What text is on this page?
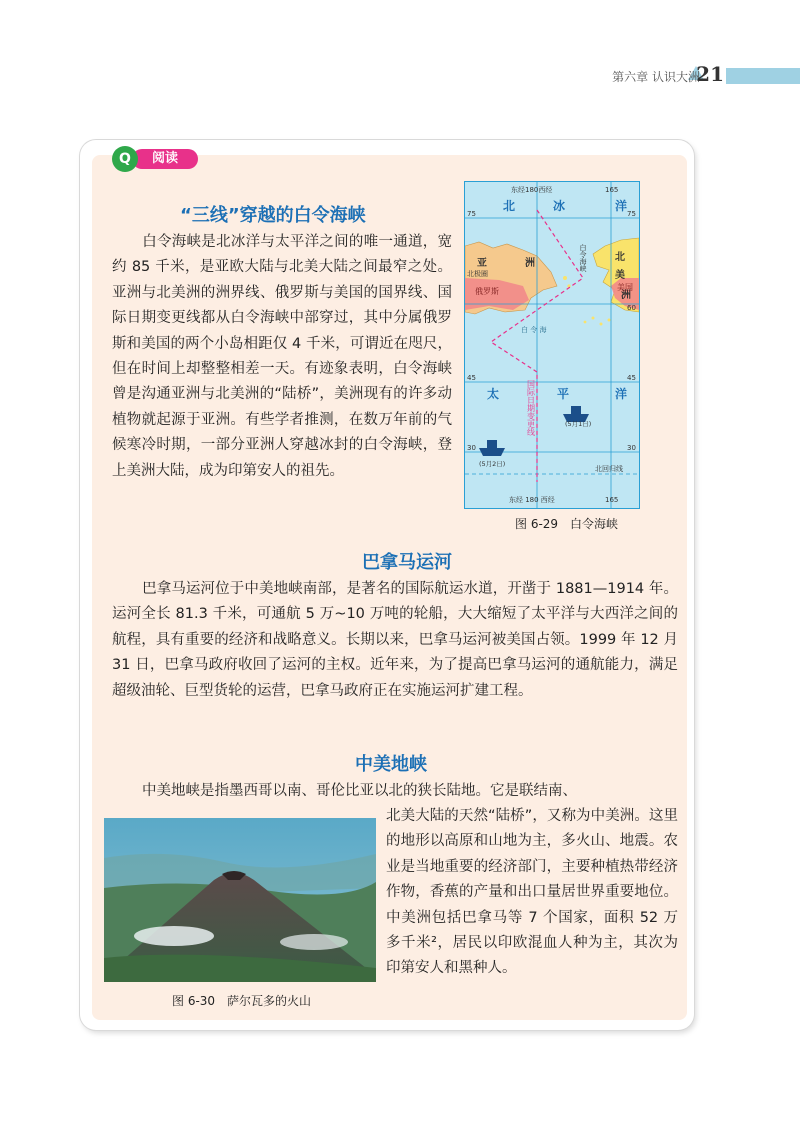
第六章 认识大洲
21
阅读
Q
“三线”穿越的白令海峡
白令海峡是北冰洋与太平洋之间的唯一通道，宽约 85 千米，是亚欧大陆与北美大陆之间最窄之处。亚洲与北美洲的洲界线、俄罗斯与美国的国界线、国际日期变更线都从白令海峡中部穿过，其中分属俄罗斯和美国的两个小岛相距仅 4 千米，可谓近在咫尺，但在时间上却整整相差一天。有迹象表明，白令海峡曾是沟通亚洲与北美洲的“陆桥”，美洲现有的许多动植物就起源于亚洲。有些学者推测，在数万年前的气候寒冷时期，一部分亚洲人穿越冰封的白令海峡，登上美洲大陆，成为印第安人的祖先。
东经180西经	165
东经 180 西经	165
75	75
60
45	45
30	30
北回归线
北极圈
白 令 海
(5月1日)
(5月2日)
北	冰	洋
太	平	洋
亚	洲
北
美
洲
俄罗斯	美国
白令海峡
国际日期变更线
图 6-29　白令海峡
巴拿马运河
巴拿马运河位于中美地峡南部，是著名的国际航运水道，开凿于 1881—1914 年。运河全长 81.3 千米，可通航 5 万~10 万吨的轮船，大大缩短了太平洋与大西洋之间的航程，具有重要的经济和战略意义。长期以来，巴拿马运河被美国占领。1999 年 12 月 31 日，巴拿马政府收回了运河的主权。近年来，为了提高巴拿马运河的通航能力，满足超级油轮、巨型货轮的运营，巴拿马政府正在实施运河扩建工程。
中美地峡
中美地峡是指墨西哥以南、哥伦比亚以北的狭长陆地。它是联结南、
北美大陆的天然“陆桥”，又称为中美洲。这里的地形以高原和山地为主，多火山、地震。农业是当地重要的经济部门，主要种植热带经济作物，香蕉的产量和出口量居世界重要地位。中美洲包括巴拿马等 7 个国家，面积 52 万多千米²，居民以印欧混血人种为主，其次为印第安人和黑种人。
图 6-30　萨尔瓦多的火山
